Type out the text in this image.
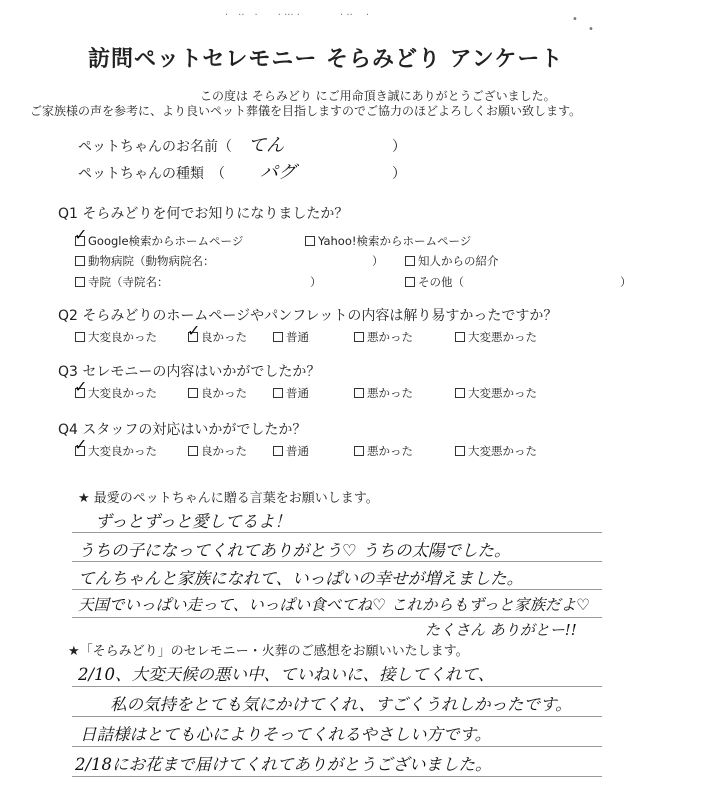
·　··　·　　· ··· ·　　　　· ··　 ·	•
•
訪問ペットセレモニー そらみどり アンケート
この度は そらみどり にご用命頂き誠にありがとうございました。
ご家族様の声を参考に、より良いペット葬儀を目指しますのでご協力のほどよろしくお願い致します。
ペットちゃんのお名前（ てん	）
ペットちゃんの種類　（ パグ	）
Q1 そらみどりを何でお知りになりましたか？
✓ Google検索からホームページ	Yahoo!検索からホームページ
動物病院（動物病院名：	）	知人からの紹介
寺院（寺院名：	）	その他（	）
Q2 そらみどりのホームページやパンフレットの内容は解り易すかったですか？
大変良かった ✓ 良かった	普通	悪かった	大変悪かった
Q3 セレモニーの内容はいかがでしたか？
✓ 大変良かった	良かった	普通	悪かった	大変悪かった
Q4 スタッフの対応はいかがでしたか？
✓ 大変良かった	良かった	普通	悪かった	大変悪かった
★ 最愛のペットちゃんに贈る言葉をお願いします。
ずっとずっと愛してるよ！
うちの子になってくれてありがとう♡ うちの太陽でした。
てんちゃんと家族になれて、いっぱいの幸せが増えました。
天国でいっぱい走って、いっぱい食べてね♡ これからもずっと家族だよ♡
たくさん ありがとー!!
★「そらみどり」のセレモニー・火葬のご感想をお願いいたします。
2/10、大変天候の悪い中、ていねいに、接してくれて、
私の気持をとても気にかけてくれ、すごくうれしかったです。
日詰様はとても心によりそってくれるやさしい方です。
2/18にお花まで届けてくれてありがとうございました。
